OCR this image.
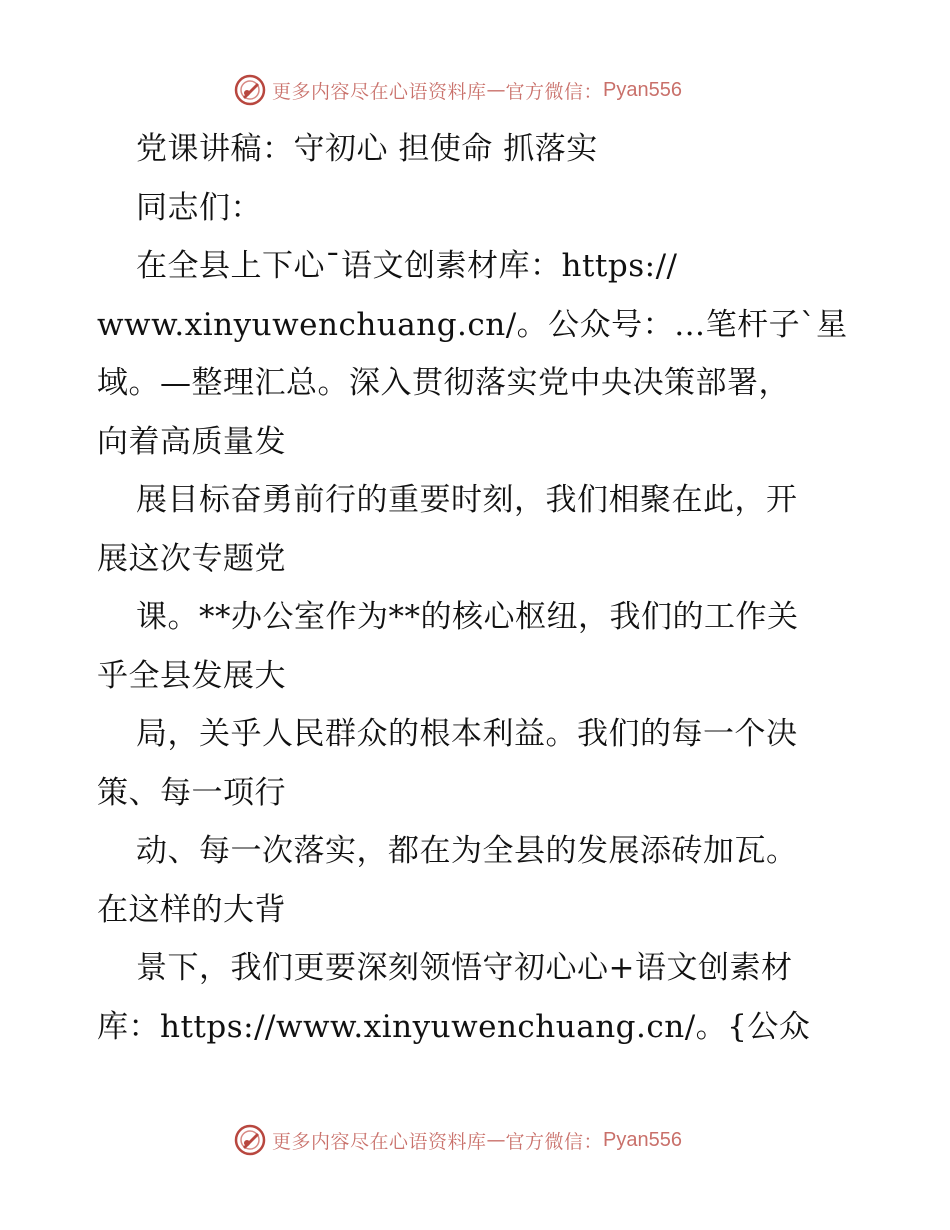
更多内容尽在心语资料库 — 官方微信： Pyan556
党课讲稿：守初心 担使命 抓落实
同志们：
在全县上下心¯语文创素材库：https://
www.xinyuwenchuang.cn/。公众号：…笔杆子`星
域。—整理汇总。深入贯彻落实党中央决策部署，
向着高质量发
展目标奋勇前行的重要时刻，我们相聚在此，开
展这次专题党
课。**办公室作为**的核心枢纽，我们的工作关
乎全县发展大
局，关乎人民群众的根本利益。我们的每一个决
策、每一项行
动、每一次落实，都在为全县的发展添砖加瓦。
在这样的大背
景下，我们更要深刻领悟守初心心+语文创素材
库：https://www.xinyuwenchuang.cn/。{公众
更多内容尽在心语资料库 — 官方微信： Pyan556
